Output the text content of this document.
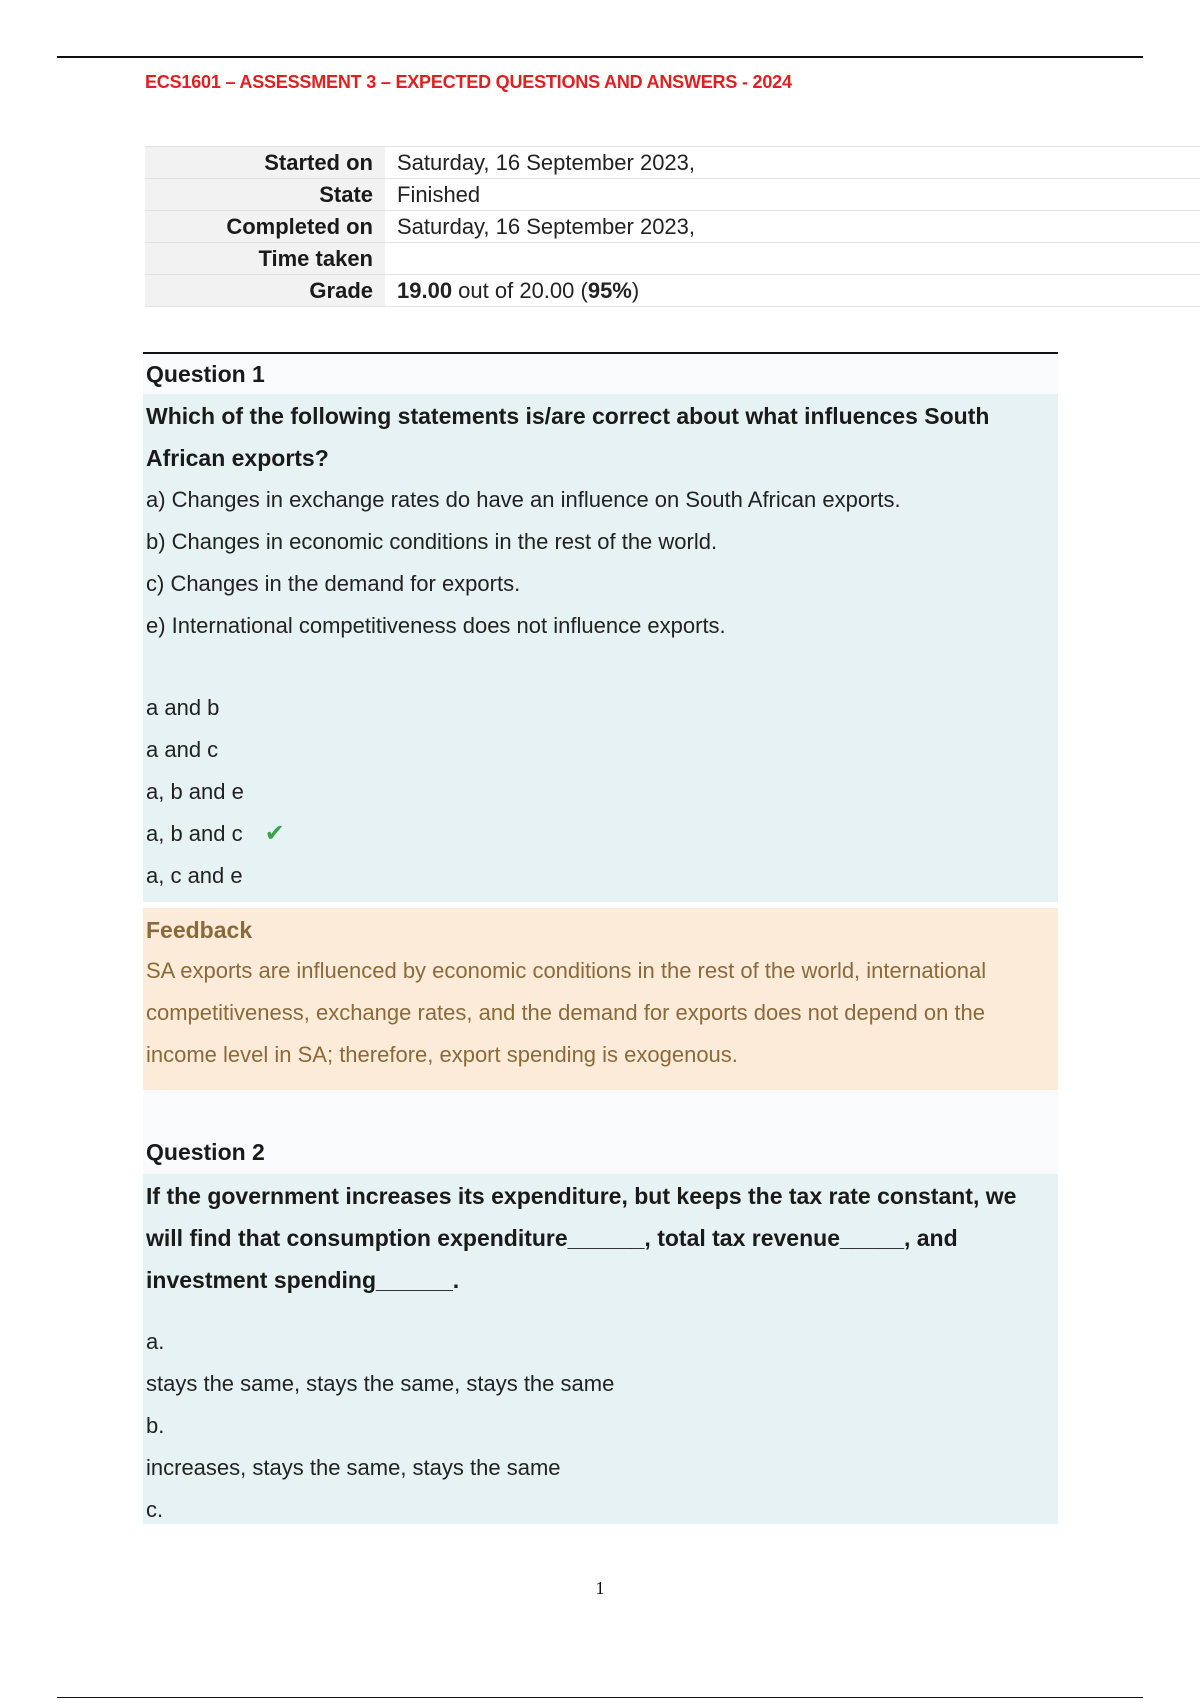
ECS1601 – ASSESSMENT 3 – EXPECTED QUESTIONS AND ANSWERS - 2024
Started on	Saturday, 16 September 2023,
State	Finished
Completed on	Saturday, 16 September 2023,
Time taken	
Grade	19.00 out of 20.00 (95%)
Question 1

Which of the following statements is/are correct about what influences South African exports?

a) Changes in exchange rates do have an influence on South African exports.
b) Changes in economic conditions in the rest of the world.
c) Changes in the demand for exports.
e) International competitiveness does not influence exports.
a and b
a and c
a, b and e
a, b and c ✔
a, c and e
Feedback
SA exports are influenced by economic conditions in the rest of the world, international competitiveness, exchange rates, and the demand for exports does not depend on the income level in SA; therefore, export spending is exogenous.
Question 2

If the government increases its expenditure, but keeps the tax rate constant, we will find that consumption expenditure______, total tax revenue_____, and investment spending______.

a.
stays the same, stays the same, stays the same
b.
increases, stays the same, stays the same
c.
1
